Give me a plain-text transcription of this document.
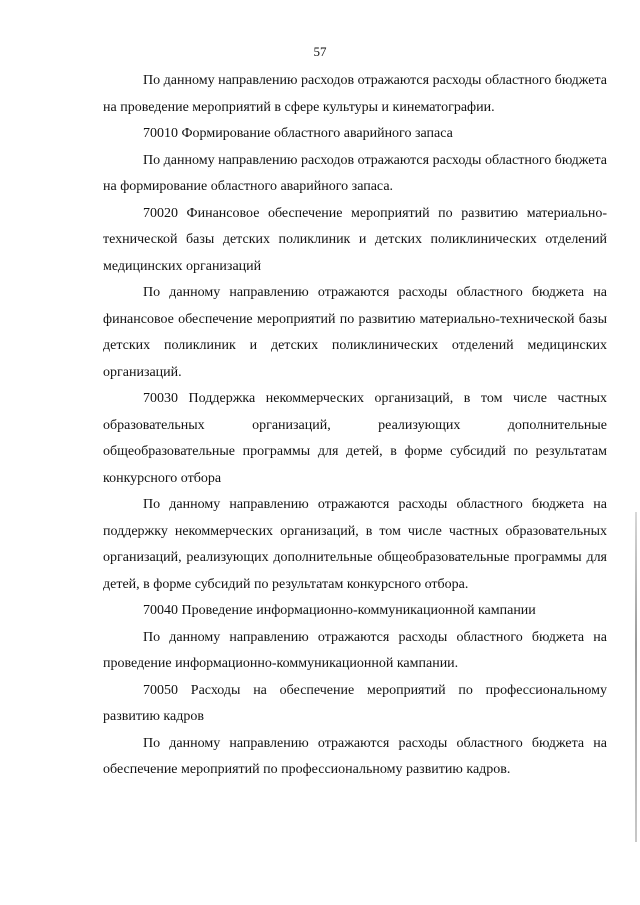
57

По данному направлению расходов отражаются расходы областного бюджета на проведение мероприятий в сфере культуры и кинематографии.

70010 Формирование областного аварийного запаса

По данному направлению расходов отражаются расходы областного бюджета на формирование областного аварийного запаса.

70020 Финансовое обеспечение мероприятий по развитию материально-технической базы детских поликлиник и детских поликлинических отделений медицинских организаций

По данному направлению отражаются расходы областного бюджета на финансовое обеспечение мероприятий по развитию материально-технической базы детских поликлиник и детских поликлинических отделений медицинских организаций.

70030 Поддержка некоммерческих организаций, в том числе частных образовательных организаций, реализующих дополнительные общеобразовательные программы для детей, в форме субсидий по результатам конкурсного отбора

По данному направлению отражаются расходы областного бюджета на поддержку некоммерческих организаций, в том числе частных образовательных организаций, реализующих дополнительные общеобразовательные программы для детей, в форме субсидий по результатам конкурсного отбора.

70040 Проведение информационно-коммуникационной кампании

По данному направлению отражаются расходы областного бюджета на проведение информационно-коммуникационной кампании.

70050 Расходы на обеспечение мероприятий по профессиональному развитию кадров

По данному направлению отражаются расходы областного бюджета на обеспечение мероприятий по профессиональному развитию кадров.
